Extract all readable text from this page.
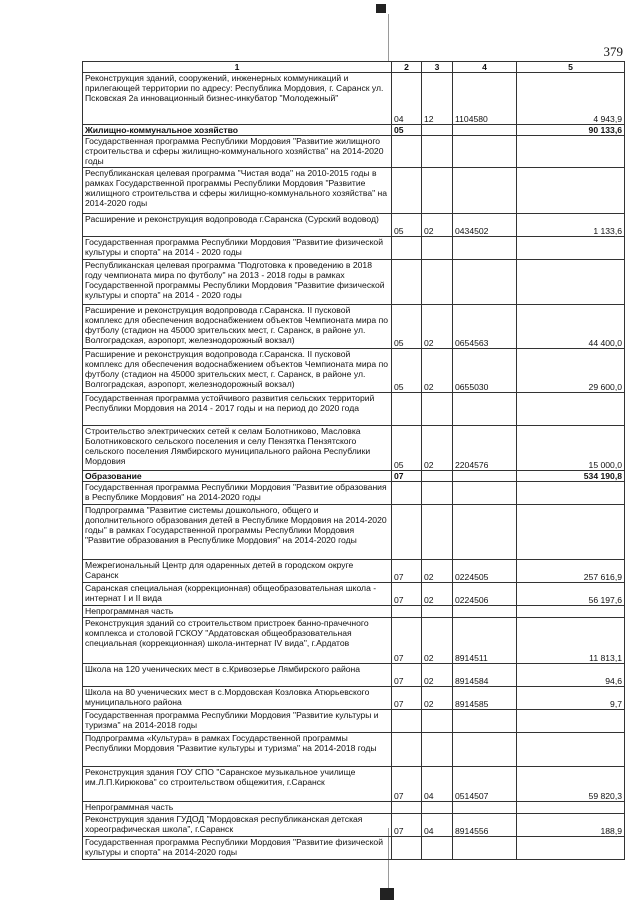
379
1	2	3	4	5
Реконструкция зданий, сооружений, инженерных коммуникаций и прилегающей территории по адресу: Республика Мордовия, г. Саранск ул. Псковская 2а инновационный бизнес-инкубатор "Молодежный"	04	12	1104580	4 943,9
Жилищно-коммунальное хозяйство	05			90 133,6
Государственная программа Республики Мордовия "Развитие жилищного строительства и сферы жилищно-коммунального хозяйства" на 2014-2020 годы				
Республиканская целевая программа "Чистая вода" на 2010-2015 годы в рамках Государственной программы Республики Мордовия "Развитие жилищного строительства и сферы жилищно-коммунального хозяйства" на 2014-2020 годы				
Расширение и реконструкция водопровода г.Саранска (Сурский водовод)	05	02	0434502	1 133,6
Государственная программа Республики Мордовия "Развитие физической культуры и спорта" на 2014 - 2020 годы				
Республиканская целевая программа "Подготовка к проведению в 2018 году чемпионата мира по футболу" на 2013 - 2018 годы в рамках Государственной программы Республики Мордовия "Развитие физической культуры и спорта" на 2014 - 2020 годы				
Расширение и реконструкция водопровода г.Саранска. II пусковой комплекс для обеспечения водоснабжением объектов Чемпионата мира по футболу (стадион на 45000 зрительских мест, г. Саранск, в районе ул. Волгоградская, аэропорт, железнодорожный вокзал)	05	02	0654563	44 400,0
Расширение и реконструкция водопровода г.Саранска. II пусковой комплекс для обеспечения водоснабжением объектов Чемпионата мира по футболу (стадион на 45000 зрительских мест, г. Саранск, в районе ул. Волгоградская, аэропорт, железнодорожный вокзал)	05	02	0655030	29 600,0
Государственная программа устойчивого развития сельских территорий Республики Мордовия на 2014 - 2017 годы и на период до 2020 года				
Строительство электрических сетей к селам Болотниково, Масловка Болотниковского сельского поселения и селу Пензятка Пензятского сельского поселения Лямбирского муниципального района Республики Мордовия	05	02	2204576	15 000,0
Образование	07			534 190,8
Государственная программа Республики Мордовия "Развитие образования в Республике Мордовия" на 2014-2020 годы				
Подпрограмма "Развитие системы дошкольного, общего и дополнительного образования детей в Республике Мордовия на 2014-2020 годы" в рамках Государственной программы Республики Мордовия "Развитие образования в Республике Мордовия" на 2014-2020 годы				
Межрегиональный Центр для одаренных детей в городском округе Саранск	07	02	0224505	257 616,9
Саранская специальная (коррекционная) общеобразовательная школа - интернат I и II вида	07	02	0224506	56 197,6
Непрограммная часть				
Реконструкция зданий со строительством пристроек банно-прачечного комплекса и столовой ГСКОУ "Ардатовская общеобразовательная специальная (коррекционная) школа-интернат IV вида", г.Ардатов	07	02	8914511	11 813,1
Школа на 120 ученических мест в с.Кривозерье Лямбирского района	07	02	8914584	94,6
Школа на 80 ученических мест в с.Мордовская Козловка Атюрьевского муниципального района	07	02	8914585	9,7
Государственная программа Республики Мордовия "Развитие культуры и туризма" на 2014-2018 годы				
Подпрограмма «Культура» в рамках Государственной программы Республики Мордовия "Развитие культуры и туризма" на 2014-2018 годы				
Реконструкция здания ГОУ СПО "Саранское музыкальное училище им.Л.П.Кирюкова" со строительством общежития, г.Саранск	07	04	0514507	59 820,3
Непрограммная часть				
Реконструкция здания ГУДОД "Мордовская республиканская детская хореографическая школа", г.Саранск	07	04	8914556	188,9
Государственная программа Республики Мордовия "Развитие физической культуры и спорта" на 2014-2020 годы				
